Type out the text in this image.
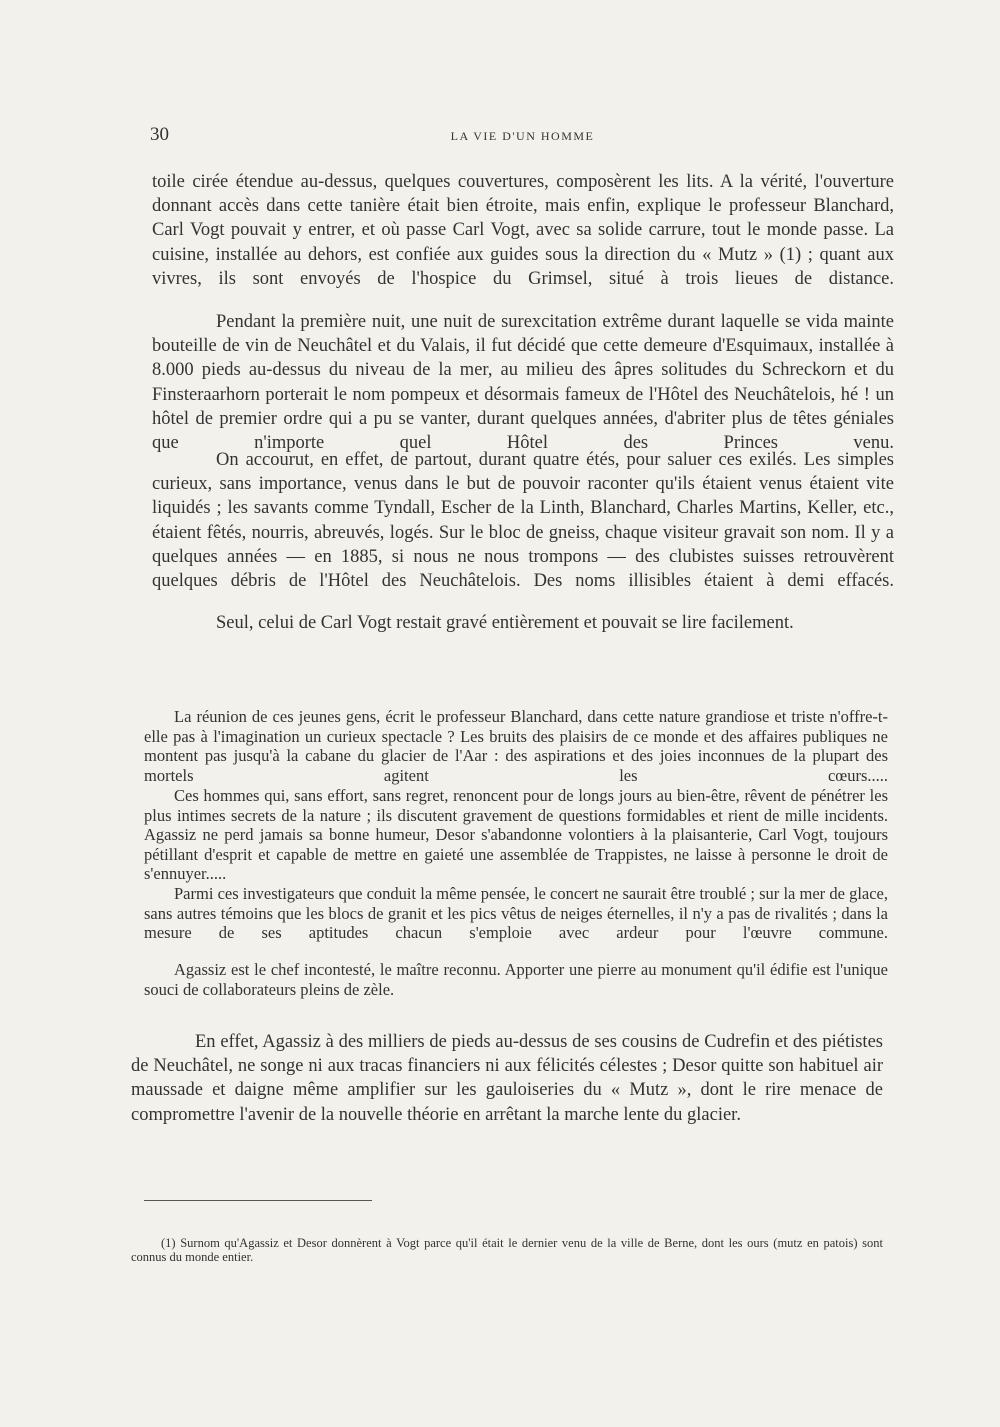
30	LA VIE D'UN HOMME

toile cirée étendue au-dessus, quelques couvertures, composèrent les lits. A la vérité, l'ouverture donnant accès dans cette tanière était bien étroite, mais enfin, explique le professeur Blanchard, Carl Vogt pouvait y entrer, et où passe Carl Vogt, avec sa solide carrure, tout le monde passe. La cuisine, installée au dehors, est confiée aux guides sous la direction du « Mutz » (1) ; quant aux vivres, ils sont envoyés de l'hospice du Grimsel, situé à trois lieues de distance.

Pendant la première nuit, une nuit de surexcitation extrême durant laquelle se vida mainte bouteille de vin de Neuchâtel et du Valais, il fut décidé que cette demeure d'Esquimaux, installée à 8.000 pieds au-dessus du niveau de la mer, au milieu des âpres solitudes du Schreckorn et du Finsteraarhorn porterait le nom pompeux et désormais fameux de l'Hôtel des Neuchâtelois, hé ! un hôtel de premier ordre qui a pu se vanter, durant quelques années, d'abriter plus de têtes géniales que n'importe quel Hôtel des Princes venu.

On accourut, en effet, de partout, durant quatre étés, pour saluer ces exilés. Les simples curieux, sans importance, venus dans le but de pouvoir raconter qu'ils étaient venus étaient vite liquidés ; les savants comme Tyndall, Escher de la Linth, Blanchard, Charles Martins, Keller, etc., étaient fêtés, nourris, abreuvés, logés. Sur le bloc de gneiss, chaque visiteur gravait son nom. Il y a quelques années — en 1885, si nous ne nous trompons — des clubistes suisses retrouvèrent quelques débris de l'Hôtel des Neuchâtelois. Des noms illisibles étaient à demi effacés.

Seul, celui de Carl Vogt restait gravé entièrement et pouvait se lire facilement.

La réunion de ces jeunes gens, écrit le professeur Blanchard, dans cette nature grandiose et triste n'offre-t-elle pas à l'imagination un curieux spectacle ? Les bruits des plaisirs de ce monde et des affaires publiques ne montent pas jusqu'à la cabane du glacier de l'Aar : des aspirations et des joies inconnues de la plupart des mortels agitent les cœurs.....

Ces hommes qui, sans effort, sans regret, renoncent pour de longs jours au bien-être, rêvent de pénétrer les plus intimes secrets de la nature ; ils discutent gravement de questions formidables et rient de mille incidents. Agassiz ne perd jamais sa bonne humeur, Desor s'abandonne volontiers à la plaisanterie, Carl Vogt, toujours pétillant d'esprit et capable de mettre en gaieté une assemblée de Trappistes, ne laisse à personne le droit de s'ennuyer.....

Parmi ces investigateurs que conduit la même pensée, le concert ne saurait être troublé ; sur la mer de glace, sans autres témoins que les blocs de granit et les pics vêtus de neiges éternelles, il n'y a pas de rivalités ; dans la mesure de ses aptitudes chacun s'emploie avec ardeur pour l'œuvre commune.

Agassiz est le chef incontesté, le maître reconnu. Apporter une pierre au monument qu'il édifie est l'unique souci de collaborateurs pleins de zèle.

En effet, Agassiz à des milliers de pieds au-dessus de ses cousins de Cudrefin et des piétistes de Neuchâtel, ne songe ni aux tracas financiers ni aux félicités célestes ; Desor quitte son habituel air maussade et daigne même amplifier sur les gauloiseries du « Mutz », dont le rire menace de compromettre l'avenir de la nouvelle théorie en arrêtant la marche lente du glacier.

(1) Surnom qu'Agassiz et Desor donnèrent à Vogt parce qu'il était le dernier venu de la ville de Berne, dont les ours (mutz en patois) sont connus du monde entier.
